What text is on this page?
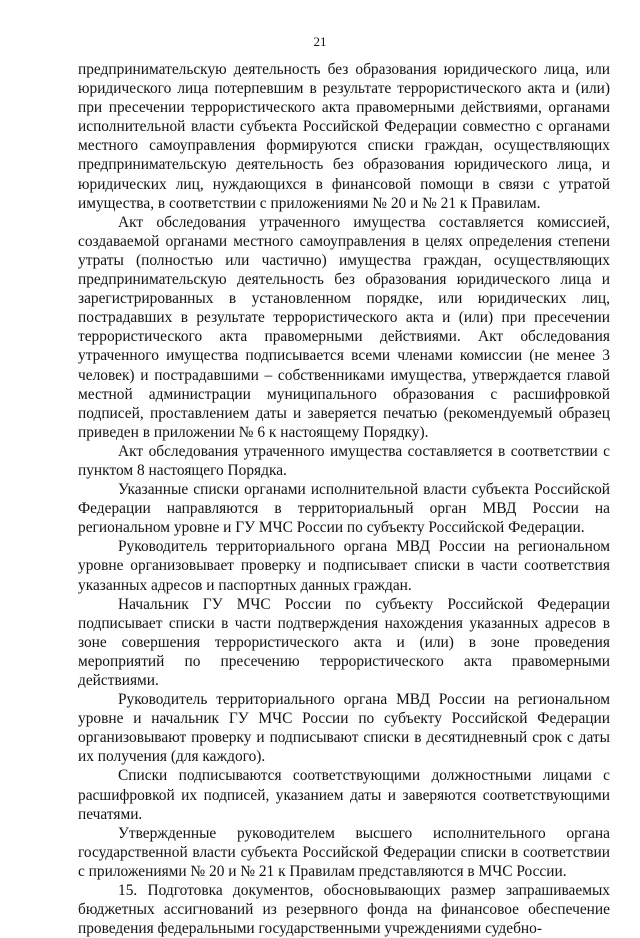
21

предпринимательскую деятельность без образования юридического лица, или юридического лица потерпевшим в результате террористического акта и (или) при пресечении террористического акта правомерными действиями, органами исполнительной власти субъекта Российской Федерации совместно с органами местного самоуправления формируются списки граждан, осуществляющих предпринимательскую деятельность без образования юридического лица, и юридических лиц, нуждающихся в финансовой помощи в связи с утратой имущества, в соответствии с приложениями № 20 и № 21 к Правилам.

Акт обследования утраченного имущества составляется комиссией, создаваемой органами местного самоуправления в целях определения степени утраты (полностью или частично) имущества граждан, осуществляющих предпринимательскую деятельность без образования юридического лица и зарегистрированных в установленном порядке, или юридических лиц, пострадавших в результате террористического акта и (или) при пресечении террористического акта правомерными действиями. Акт обследования утраченного имущества подписывается всеми членами комиссии (не менее 3 человек) и пострадавшими – собственниками имущества, утверждается главой местной администрации муниципального образования с расшифровкой подписей, проставлением даты и заверяется печатью (рекомендуемый образец приведен в приложении № 6 к настоящему Порядку).

Акт обследования утраченного имущества составляется в соответствии с пунктом 8 настоящего Порядка.

Указанные списки органами исполнительной власти субъекта Российской Федерации направляются в территориальный орган МВД России на региональном уровне и ГУ МЧС России по субъекту Российской Федерации.

Руководитель территориального органа МВД России на региональном уровне организовывает проверку и подписывает списки в части соответствия указанных адресов и паспортных данных граждан.

Начальник ГУ МЧС России по субъекту Российской Федерации подписывает списки в части подтверждения нахождения указанных адресов в зоне совершения террористического акта и (или) в зоне проведения мероприятий по пресечению террористического акта правомерными действиями.

Руководитель территориального органа МВД России на региональном уровне и начальник ГУ МЧС России по субъекту Российской Федерации организовывают проверку и подписывают списки в десятидневный срок с даты их получения (для каждого).

Списки подписываются соответствующими должностными лицами с расшифровкой их подписей, указанием даты и заверяются соответствующими печатями.

Утвержденные руководителем высшего исполнительного органа государственной власти субъекта Российской Федерации списки в соответствии с приложениями № 20 и № 21 к Правилам представляются в МЧС России.

15. Подготовка документов, обосновывающих размер запрашиваемых бюджетных ассигнований из резервного фонда на финансовое обеспечение проведения федеральными государственными учреждениями судебно-
